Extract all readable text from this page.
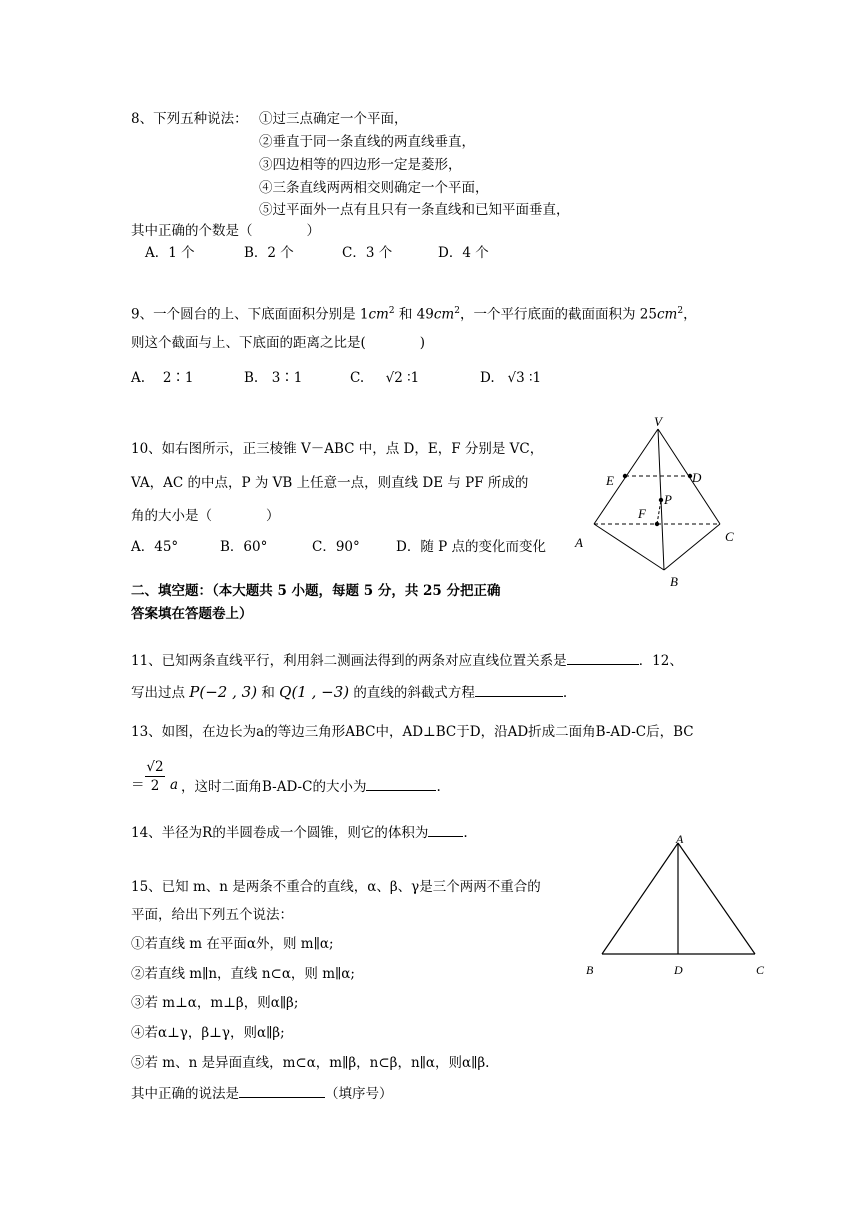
8、下列五种说法： ①过三点确定一个平面，
②垂直于同一条直线的两直线垂直，
③四边相等的四边形一定是菱形，
④三条直线两两相交则确定一个平面，
⑤过平面外一点有且只有一条直线和已知平面垂直，
其中正确的个数是（　　　　）
A．1 个	B．2 个	C．3 个	D．4 个
9、一个圆台的上、下底面面积分别是 $1cm^2$ 和 $49cm^2$，一个平行底面的截面面积为 $25cm^2$，
则这个截面与上、下底面的距离之比是(　　　　)
A.　 2∶1	B.　3∶1	C. √2 ∶1	D. √3 ∶1
10、如右图所示，正三棱锥 V－ABC 中，点 D，E，F 分别是 VC，
VA，AC 的中点，P 为 VB 上任意一点，则直线 DE 与 PF 所成的
角的大小是（　　　　）
A．45°	B．60°	C．90°	D．随 P 点的变化而变化
V
E	D
P
F
A	C
B
二、填空题：（本大题共 5 小题，每题 5 分，共 25 分把正确
答案填在答题卷上）
11、已知两条直线平行，利用斜二测画法得到的两条对应直线位置关系是	．12、
写出过点 P(−2 , 3) 和 Q(1 , −3) 的直线的斜截式方程	.
13、如图，在边长为a的等边三角形ABC中，AD⊥BC于D，沿AD折成二面角B-AD-C后，BC
＝ $\frac{√2}{2}$ a ，这时二面角B-AD-C的大小为	.
14、半径为R的半圆卷成一个圆锥，则它的体积为	.
15、已知 m、n 是两条不重合的直线，α、β、γ是三个两两不重合的
平面，给出下列五个说法：
①若直线 m 在平面α外，则 m∥α;
②若直线 m∥n，直线 n⊂α，则 m∥α;
③若 m⊥α，m⊥β，则α∥β;
④若α⊥γ，β⊥γ，则α∥β;
⑤若 m、n 是异面直线，m⊂α，m∥β，n⊂β，n∥α，则α∥β.
其中正确的说法是	（填序号）
A
B	D	C
